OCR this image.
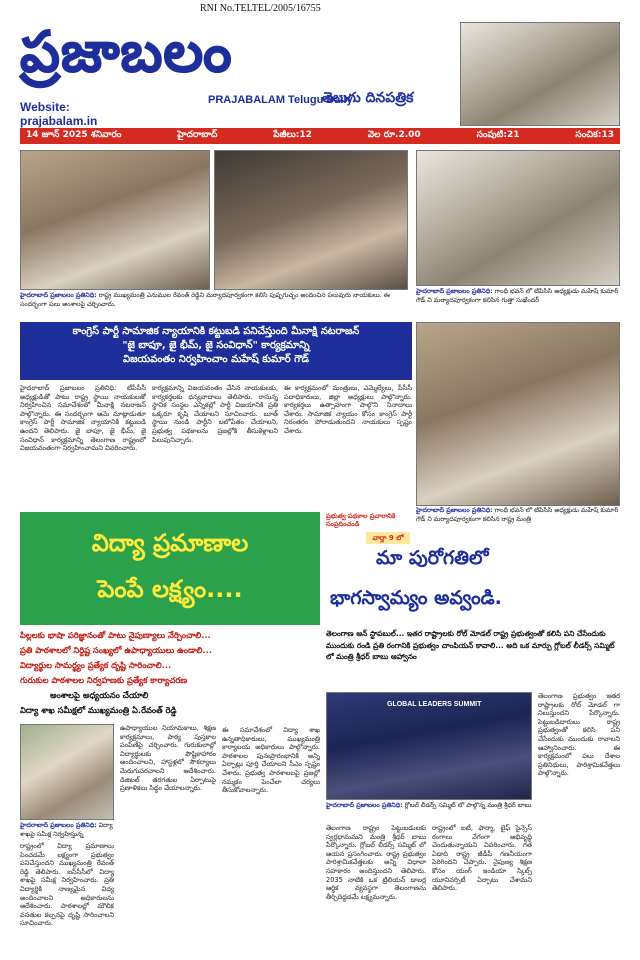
RNI No.TELTEL/2005/16755
ప్రజాబలం
PRAJABALAM Telugu Daily
తెలుగు దినపత్రిక
Website:
prajabalam.in
14 జూన్ 2025 శనివారం	హైదరాబాద్	పేజీలు:12	వెల రూ.2.00	సంపుటి:21	సంచిక:13
హైదరాబాద్ ప్రజాబలం ప్రతినిధి: రాష్ట్ర ముఖ్యమంత్రి ఎనుముల రేవంత్ రెడ్డిని మర్యాదపూర్వకంగా కలిసి పుష్పగుచ్ఛం అందించిన పలువురు నాయకులు. ఈ సందర్భంగా పలు అంశాలపై చర్చించారు.
హైదరాబాద్ ప్రజాబలం ప్రతినిధి: గాంధీ భవన్ లో టీపీసీసీ అధ్యక్షుడు మహేష్ కుమార్ గౌడ్ ని మర్యాదపూర్వకంగా కలిసిన గుత్తా సుఖేందర్
హైదరాబాద్ ప్రజాబలం ప్రతినిధి: గాంధీ భవన్ లో టీపీసీసీ అధ్యక్షుడు మహేష్ కుమార్ గౌడ్ ని మర్యాదపూర్వకంగా కలిసిన రాష్ట్ర మంత్రి
కాంగ్రెస్ పార్టీ సామాజిక న్యాయానికి కట్టుబడి పనిచేస్తుంది మీనాక్షి నటరాజన్
"జై బాపూ, జై భీమ్, జై సంవిధాన్" కార్యక్రమాన్ని
విజయవంతం నిర్వహించాం మహేష్ కుమార్ గౌడ్
హైదరాబాద్ ప్రజాబలం ప్రతినిధి: టీపీసీసీ అధ్యక్షుడితో పాటు రాష్ట్ర స్థాయి నాయకులతో నిర్వహించిన సమావేశంలో మీనాక్షి నటరాజన్ పాల్గొన్నారు. ఈ సందర్భంగా ఆమె మాట్లాడుతూ కాంగ్రెస్ పార్టీ సామాజిక న్యాయానికి కట్టుబడి ఉందని తెలిపారు. జై బాపూ, జై భీమ్, జై సంవిధాన్ కార్యక్రమాన్ని తెలంగాణ రాష్ట్రంలో విజయవంతంగా నిర్వహించామని వివరించారు.
కార్యక్రమాన్ని విజయవంతం చేసిన నాయకులకు, కార్యకర్తలకు ధన్యవాదాలు తెలిపారు. రానున్న స్థానిక సంస్థల ఎన్నికల్లో పార్టీ విజయానికి ప్రతి ఒక్కరూ కృషి చేయాలని సూచించారు. బూత్ స్థాయి నుండి పార్టీని బలోపేతం చేయాలని, ప్రభుత్వ పథకాలను ప్రజల్లోకి తీసుకెళ్లాలని పిలుపునిచ్చారు.
ఈ కార్యక్రమంలో మంత్రులు, ఎమ్మెల్యేలు, పీసీసీ పదాధికారులు, జిల్లా అధ్యక్షులు పాల్గొన్నారు. కార్యకర్తలు ఉత్సాహంగా పాల్గొని నినాదాలు చేశారు. సామాజిక న్యాయం కోసం కాంగ్రెస్ పార్టీ నిరంతరం పోరాడుతుందని నాయకులు స్పష్టం చేశారు.
విద్యా ప్రమాణాల
పెంపే లక్ష్యం....
ప్రభుత్వ పథకాల ప్రచారానికి సంప్రదించండి
వార్తా 9 లో
మా పురోగతిలో
భాగస్వామ్యం అవ్వండి.
పిల్లలకు భాషా పరిజ్ఞానంతో పాటు నైపుణ్యాలు నేర్పించాలి...
ప్రతి పాఠశాలలో నిర్దిష్ట సంఖ్యలో ఉపాధ్యాయులు ఉండాలి...
విద్యార్థుల సామర్థ్యం ప్రత్యేక దృష్టి సారించాలి...
గురుకుల పాఠశాలల నిర్వహణకు ప్రత్యేక కార్యాచరణ
అంశాలపై అధ్యయనం చేయాలి
విద్యా శాఖ సమీక్షలో ముఖ్యమంత్రి ఏ.రేవంత్ రెడ్డి
హైదరాబాద్ ప్రజాబలం ప్రతినిధి: విద్యా శాఖపై సమీక్ష నిర్వహిస్తున్న
రాష్ట్రంలో విద్యా ప్రమాణాలు పెంచడమే లక్ష్యంగా ప్రభుత్వం పనిచేస్తుందని ముఖ్యమంత్రి రేవంత్ రెడ్డి తెలిపారు. ఐసీసీసీలో విద్యా శాఖపై సమీక్ష నిర్వహించారు. ప్రతి విద్యార్థికి నాణ్యమైన విద్య అందించాలని అధికారులను ఆదేశించారు. పాఠశాలల్లో మౌలిక వసతుల కల్పనపై దృష్టి సారించాలని సూచించారు.
ఉపాధ్యాయుల నియామకాలు, శిక్షణ కార్యక్రమాలు, పాఠ్య పుస్తకాల పంపిణీపై చర్చించారు. గురుకులాల్లో విద్యార్థులకు పౌష్టికాహారం అందించాలని, హాస్టళ్లలో సౌకర్యాలు మెరుగుపరచాలని ఆదేశించారు. డిజిటల్ తరగతుల ఏర్పాటుపై ప్రణాళికలు సిద్ధం చేయాలన్నారు.
ఈ సమావేశంలో విద్యా శాఖ ఉన్నతాధికారులు, ముఖ్యమంత్రి కార్యాలయ అధికారులు పాల్గొన్నారు. పాఠశాలల పునఃప్రారంభానికి అన్ని ఏర్పాట్లు పూర్తి చేయాలని సీఎం స్పష్టం చేశారు. ప్రభుత్వ పాఠశాలలపై ప్రజల్లో నమ్మకం పెంచేలా చర్యలు తీసుకోవాలన్నారు.
తెలంగాణ అన్ స్టాపబుల్... ఇతర రాష్ట్రాలకు రోల్ మోడల్ రాష్ట్ర ప్రభుత్వంతో కలిసి పని చేసేందుకు ముందుకు రండి ప్రతి రంగానికి ప్రభుత్వం చాంపియన్ కావాలి... అది ఒక మార్పు గ్లోబల్ లీడర్స్ సమ్మిట్ లో మంత్రి శ్రీధర్ బాబు ఆహ్వానం
GLOBAL LEADERS SUMMIT
హైదరాబాద్ ప్రజాబలం ప్రతినిధి: గ్లోబల్ లీడర్స్ సమ్మిట్ లో పాల్గొన్న మంత్రి శ్రీధర్ బాబు
తెలంగాణ రాష్ట్రం పెట్టుబడులకు స్వర్గధామమని మంత్రి శ్రీధర్ బాబు పేర్కొన్నారు. గ్లోబల్ లీడర్స్ సమ్మిట్ లో ఆయన ప్రసంగించారు. రాష్ట్ర ప్రభుత్వం పారిశ్రామికవేత్తలకు అన్ని విధాలా సహకారం అందిస్తుందని తెలిపారు. 2035 నాటికి ఒక ట్రిలియన్ డాలర్ల ఆర్థిక వ్యవస్థగా తెలంగాణను తీర్చిదిద్దడమే లక్ష్యమన్నారు.
రాష్ట్రంలో ఐటీ, ఫార్మా, లైఫ్ సైన్సెస్ రంగాలు వేగంగా అభివృద్ధి చెందుతున్నాయని వివరించారు. గత ఏడాది రాష్ట్ర జీడీపీ గణనీయంగా పెరిగిందని చెప్పారు. నైపుణ్య శిక్షణ కోసం యంగ్ ఇండియా స్కిల్స్ యూనివర్సిటీ ఏర్పాటు చేశామని తెలిపారు.
తెలంగాణ ప్రభుత్వం ఇతర రాష్ట్రాలకు రోల్ మోడల్ గా నిలుస్తుందని పేర్కొన్నారు. పెట్టుబడిదారులు రాష్ట్ర ప్రభుత్వంతో కలిసి పని చేసేందుకు ముందుకు రావాలని ఆహ్వానించారు. ఈ కార్యక్రమంలో పలు దేశాల ప్రతినిధులు, పారిశ్రామికవేత్తలు పాల్గొన్నారు.
